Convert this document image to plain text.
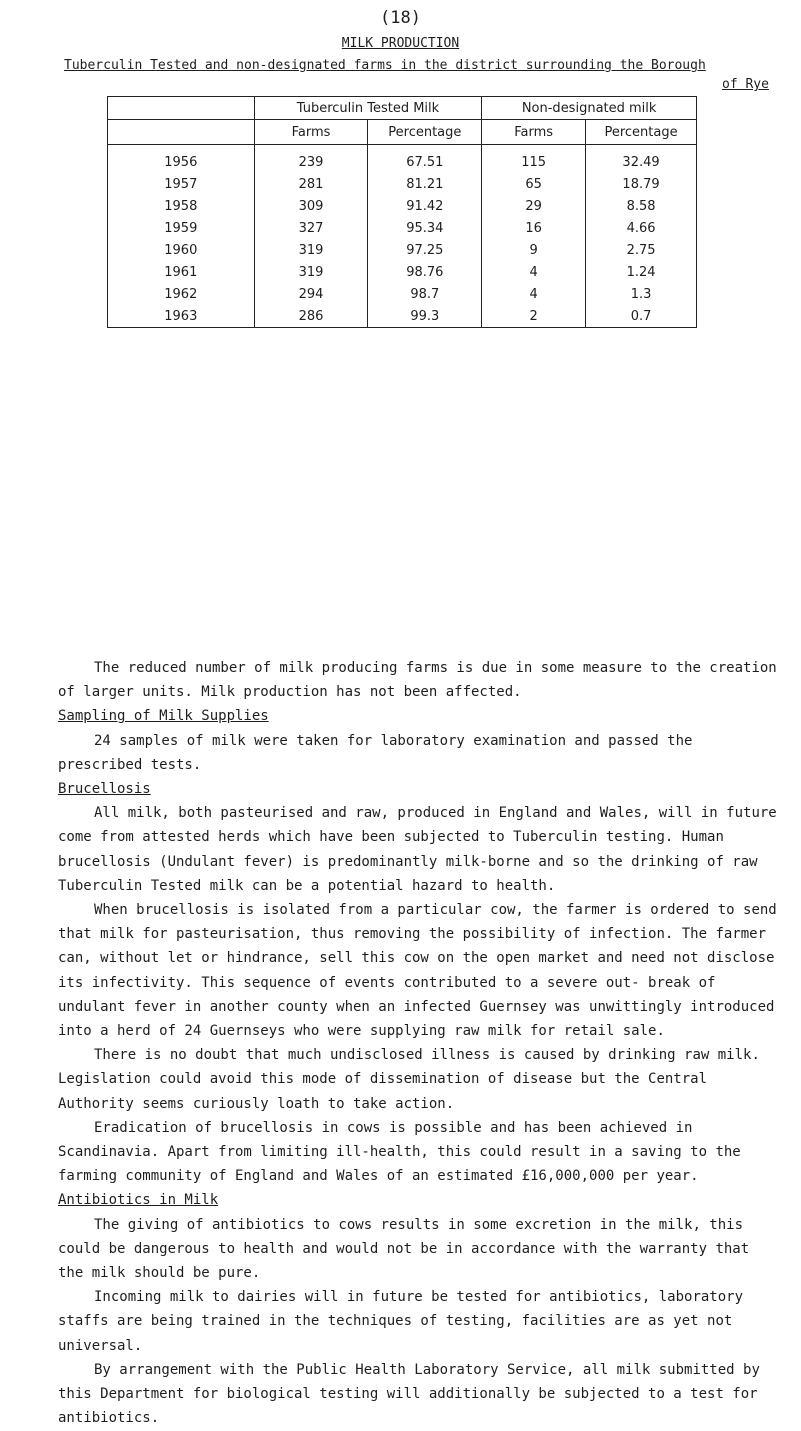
(18)
MILK PRODUCTION
Tuberculin Tested and non-designated farms in the district surrounding the Borough
of Rye
	Tuberculin Tested Milk		Non-designated milk	
	Farms	Percentage	Farms	Percentage
1956	239	67.51	115	32.49
1957	281	81.21	65	18.79
1958	309	91.42	29	8.58
1959	327	95.34	16	4.66
1960	319	97.25	9	2.75
1961	319	98.76	4	1.24
1962	294	98.7	4	1.3
1963	286	99.3	2	0.7

The reduced number of milk producing farms is due in some measure to the creation of larger units. Milk production has not been affected.

Sampling of Milk Supplies

24 samples of milk were taken for laboratory examination and passed the prescribed tests.

Brucellosis

All milk, both pasteurised and raw, produced in England and Wales, will in future come from attested herds which have been subjected to Tuberculin testing. Human brucellosis (Undulant fever) is predominantly milk-borne and so the drinking of raw Tuberculin Tested milk can be a potential hazard to health.

When brucellosis is isolated from a particular cow, the farmer is ordered to send that milk for pasteurisation, thus removing the possibility of infection. The farmer can, without let or hindrance, sell this cow on the open market and need not disclose its infectivity. This sequence of events contributed to a severe out- break of undulant fever in another county when an infected Guernsey was unwittingly introduced into a herd of 24 Guernseys who were supplying raw milk for retail sale.

There is no doubt that much undisclosed illness is caused by drinking raw milk. Legislation could avoid this mode of dissemination of disease but the Central Authority seems curiously loath to take action.

Eradication of brucellosis in cows is possible and has been achieved in Scandinavia. Apart from limiting ill-health, this could result in a saving to the farming community of England and Wales of an estimated £16,000,000 per year.

Antibiotics in Milk

The giving of antibiotics to cows results in some excretion in the milk, this could be dangerous to health and would not be in accordance with the warranty that the milk should be pure.

Incoming milk to dairies will in future be tested for antibiotics, laboratory staffs are being trained in the techniques of testing, facilities are as yet not universal.

By arrangement with the Public Health Laboratory Service, all milk submitted by this Department for biological testing will additionally be subjected to a test for antibiotics.
